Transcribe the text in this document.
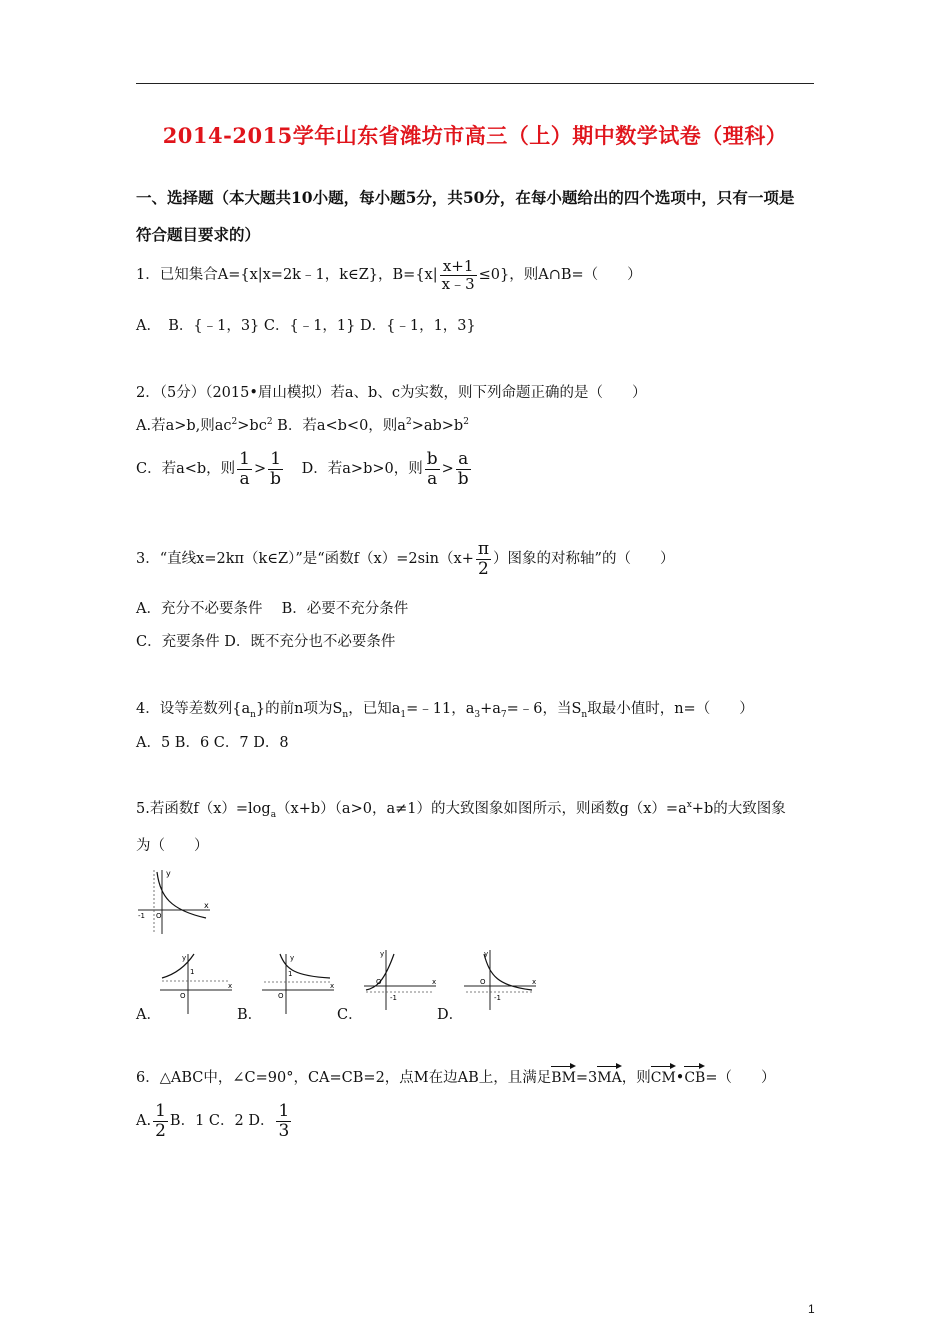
2014-2015学年山东省潍坊市高三（上）期中数学试卷（理科）
一、选择题（本大题共10小题，每小题5分，共50分，在每小题给出的四个选项中，只有一项是
符合题目要求的）
1．已知集合A={x|x=2k﹣1，k∈Z}，$B=\{x| \frac{x+1}{x﹣3} \le 0\}$，则A∩B=（　　）
A．　B．{﹣1，3} C．{﹣1，1} D．{﹣1，1，3}
2．（5分）（2015•眉山模拟）若a、b、c为实数，则下列命题正确的是（　　）
A.若a>b,则$ac^2>bc^2$ B．若a<b<0，则$a^2>ab>b^2$
C．若a<b，则 $\frac{1}{a} > \frac{1}{b}$ D．若a>b>0，则 $\frac{b}{a} > \frac{a}{b}$
3．“直线x=2kπ（k∈Z）”是“函数$f(x)=2\sin(x+ \frac{\pi}{2}$ ）图象的对称轴”的（　　）
A．充分不必要条件　 B．必要不充分条件
C．充要条件 D．既不充分也不必要条件
4．设等差数列$\{a_n\}$的前n项为$S_n$，已知$a_1=﹣11$，$a_3+a_7=﹣6$，当$S_n$取最小值时，n=（　　）
A．5 B．6 C．7 D．8
5.若函数$f(x)=\log_a(x+b)(a>0$，a≠1）的大致图象如图所示，则函数$g(x)=a^x+b$的大致图象
为（　　）
y
x
O
-1
y
x
O
1
A．
y
x
O
1
B．
y
x
O
-1
C．
y
x
O
-1
D．
6．△ABC中，∠C=90°，CA=CB=2，点M在边AB上，且满足BM=3MA，则CM•CB=（　　）
A. $\frac{1}{2}$ B．1 C．2 D． $\frac{1}{3}$
1
